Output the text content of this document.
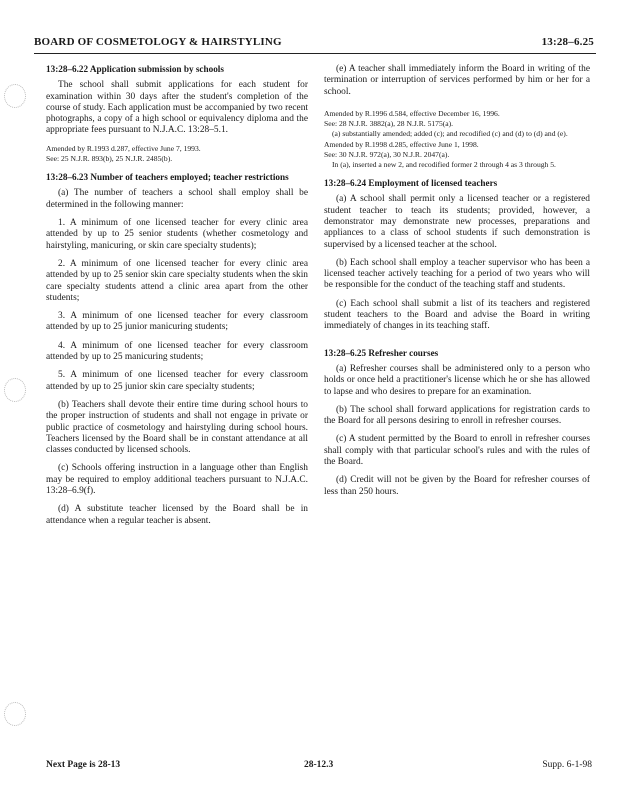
BOARD OF COSMETOLOGY & HAIRSTYLING	13:28–6.25
13:28–6.22 Application submission by schools

The school shall submit applications for each student for examination within 30 days after the student's completion of the course of study. Each application must be accompanied by two recent photographs, a copy of a high school or equivalency diploma and the appropriate fees pursuant to N.J.A.C. 13:28–5.1.

Amended by R.1993 d.287, effective June 7, 1993.

See: 25 N.J.R. 893(b), 25 N.J.R. 2485(b).

13:28–6.23 Number of teachers employed; teacher restrictions

(a) The number of teachers a school shall employ shall be determined in the following manner:

1. A minimum of one licensed teacher for every clinic area attended by up to 25 senior students (whether cosmetology and hairstyling, manicuring, or skin care specialty students);

2. A minimum of one licensed teacher for every clinic area attended by up to 25 senior skin care specialty students when the skin care specialty students attend a clinic area apart from the other students;

3. A minimum of one licensed teacher for every classroom attended by up to 25 junior manicuring students;

4. A minimum of one licensed teacher for every classroom attended by up to 25 manicuring students;

5. A minimum of one licensed teacher for every classroom attended by up to 25 junior skin care specialty students;

(b) Teachers shall devote their entire time during school hours to the proper instruction of students and shall not engage in private or public practice of cosmetology and hairstyling during school hours. Teachers licensed by the Board shall be in constant attendance at all classes conducted by licensed schools.

(c) Schools offering instruction in a language other than English may be required to employ additional teachers pursuant to N.J.A.C. 13:28–6.9(f).

(d) A substitute teacher licensed by the Board shall be in attendance when a regular teacher is absent.

(e) A teacher shall immediately inform the Board in writing of the termination or interruption of services performed by him or her for a school.

Amended by R.1996 d.584, effective December 16, 1996.

See: 28 N.J.R. 3882(a), 28 N.J.R. 5175(a).

(a) substantially amended; added (c); and recodified (c) and (d) to (d) and (e).

Amended by R.1998 d.285, effective June 1, 1998.

See: 30 N.J.R. 972(a), 30 N.J.R. 2047(a).

In (a), inserted a new 2, and recodified former 2 through 4 as 3 through 5.

13:28–6.24 Employment of licensed teachers

(a) A school shall permit only a licensed teacher or a registered student teacher to teach its students; provided, however, a demonstrator may demonstrate new processes, preparations and appliances to a class of school students if such demonstration is supervised by a licensed teacher at the school.

(b) Each school shall employ a teacher supervisor who has been a licensed teacher actively teaching for a period of two years who will be responsible for the conduct of the teaching staff and students.

(c) Each school shall submit a list of its teachers and registered student teachers to the Board and advise the Board in writing immediately of changes in its teaching staff.

13:28–6.25 Refresher courses

(a) Refresher courses shall be administered only to a person who holds or once held a practitioner's license which he or she has allowed to lapse and who desires to prepare for an examination.

(b) The school shall forward applications for registration cards to the Board for all persons desiring to enroll in refresher courses.

(c) A student permitted by the Board to enroll in refresher courses shall comply with that particular school's rules and with the rules of the Board.

(d) Credit will not be given by the Board for refresher courses of less than 250 hours.

Next Page is 28-13	28-12.3	Supp. 6-1-98
